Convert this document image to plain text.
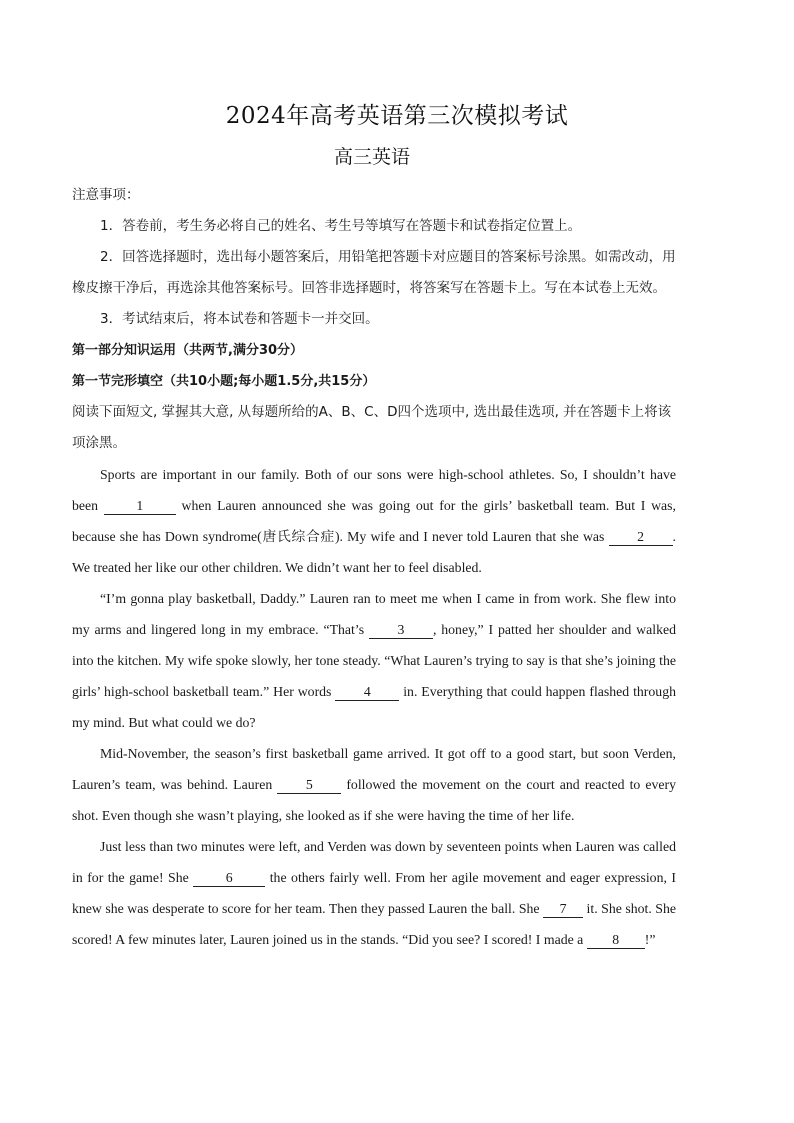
2024年高考英语第三次模拟考试
高三英语

注意事项：

1．答卷前，考生务必将自己的姓名、考生号等填写在答题卡和试卷指定位置上。

2．回答选择题时，选出每小题答案后，用铅笔把答题卡对应题目的答案标号涂黑。如需改动，用橡皮擦干净后，再选涂其他答案标号。回答非选择题时，将答案写在答题卡上。写在本试卷上无效。

3．考试结束后，将本试卷和答题卡一并交回。

第一部分知识运用（共两节,满分30分）

第一节完形填空（共10小题;每小题1.5分,共15分）

阅读下面短文, 掌握其大意, 从每题所给的A、B、C、D四个选项中, 选出最佳选项, 并在答题卡上将该项涂黑。

Sports are important in our family. Both of our sons were high-school athletes. So, I shouldn’t have been 1 when Lauren announced she was going out for the girls’ basketball team. But I was, because she has Down syndrome(唐氏综合症). My wife and I never told Lauren that she was 2 . We treated her like our other children. We didn’t want her to feel disabled.

“I’m gonna play basketball, Daddy.” Lauren ran to meet me when I came in from work. She flew into my arms and lingered long in my embrace. “That’s 3 , honey,” I patted her shoulder and walked into the kitchen. My wife spoke slowly, her tone steady. “What Lauren’s trying to say is that she’s joining the girls’ high-school basketball team.” Her words 4 in. Everything that could happen flashed through my mind. But what could we do?

Mid-November, the season’s first basketball game arrived. It got off to a good start, but soon Verden, Lauren’s team, was behind. Lauren 5 followed the movement on the court and reacted to every shot. Even though she wasn’t playing, she looked as if she were having the time of her life.

Just less than two minutes were left, and Verden was down by seventeen points when Lauren was called in for the game! She 6 the others fairly well. From her agile movement and eager expression, I knew she was desperate to score for her team. Then they passed Lauren the ball. She 7 it. She shot. She scored! A few minutes later, Lauren joined us in the stands. “Did you see? I scored! I made a 8 !”
